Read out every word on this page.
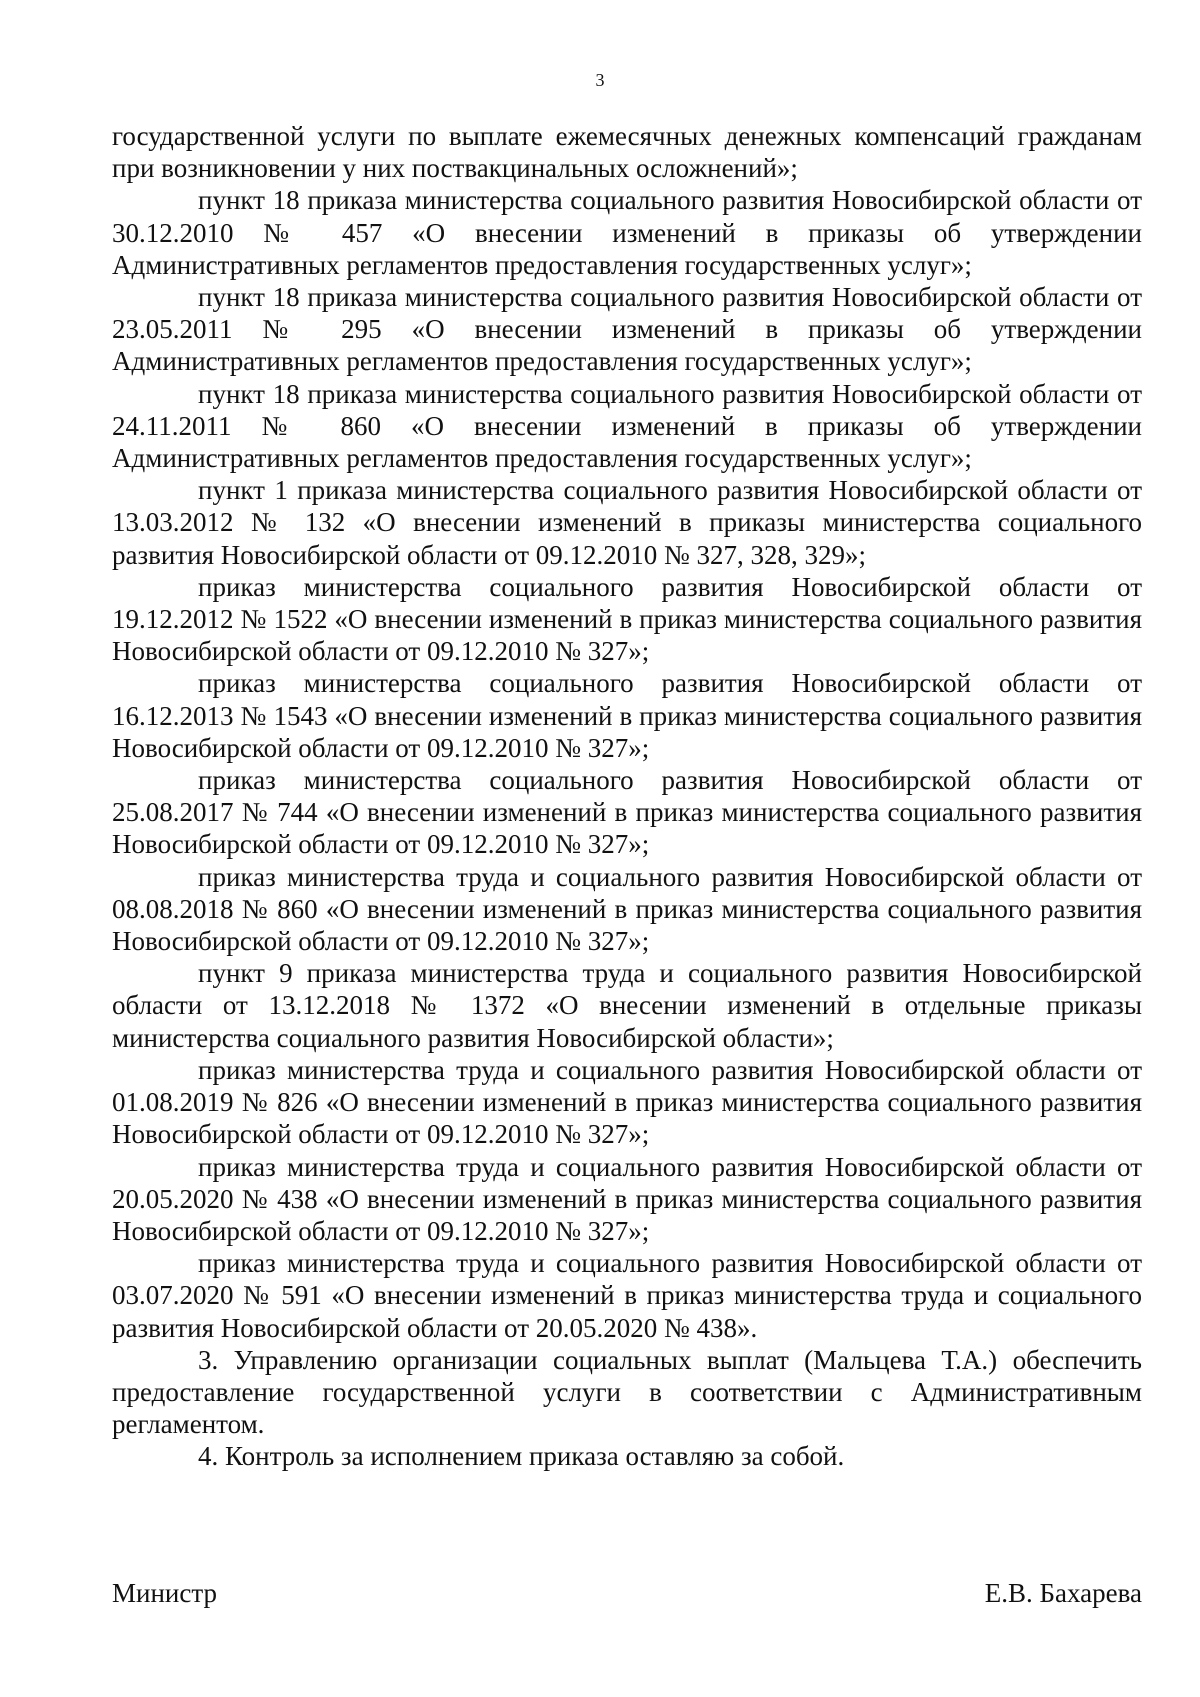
3

государственной услуги по выплате ежемесячных денежных компенсаций гражданам при возникновении у них поствакцинальных осложнений»;

пункт 18 приказа министерства социального развития Новосибирской области от 30.12.2010 № 457 «О внесении изменений в приказы об утверждении Административных регламентов предоставления государственных услуг»;

пункт 18 приказа министерства социального развития Новосибирской области от 23.05.2011 № 295 «О внесении изменений в приказы об утверждении Административных регламентов предоставления государственных услуг»;

пункт 18 приказа министерства социального развития Новосибирской области от 24.11.2011 № 860 «О внесении изменений в приказы об утверждении Административных регламентов предоставления государственных услуг»;

пункт 1 приказа министерства социального развития Новосибирской области от 13.03.2012 № 132 «О внесении изменений в приказы министерства социального развития Новосибирской области от 09.12.2010 № 327, 328, 329»;

приказ министерства социального развития Новосибирской области от 19.12.2012 № 1522 «О внесении изменений в приказ министерства социального развития Новосибирской области от 09.12.2010 № 327»;

приказ министерства социального развития Новосибирской области от 16.12.2013 № 1543 «О внесении изменений в приказ министерства социального развития Новосибирской области от 09.12.2010 № 327»;

приказ министерства социального развития Новосибирской области от 25.08.2017 № 744 «О внесении изменений в приказ министерства социального развития Новосибирской области от 09.12.2010 № 327»;

приказ министерства труда и социального развития Новосибирской области от 08.08.2018 № 860 «О внесении изменений в приказ министерства социального развития Новосибирской области от 09.12.2010 № 327»;

пункт 9 приказа министерства труда и социального развития Новосибирской области от 13.12.2018 № 1372 «О внесении изменений в отдельные приказы министерства социального развития Новосибирской области»;

приказ министерства труда и социального развития Новосибирской области от 01.08.2019 № 826 «О внесении изменений в приказ министерства социального развития Новосибирской области от 09.12.2010 № 327»;

приказ министерства труда и социального развития Новосибирской области от 20.05.2020 № 438 «О внесении изменений в приказ министерства социального развития Новосибирской области от 09.12.2010 № 327»;

приказ министерства труда и социального развития Новосибирской области от 03.07.2020 № 591 «О внесении изменений в приказ министерства труда и социального развития Новосибирской области от 20.05.2020 № 438».

3. Управлению организации социальных выплат (Мальцева Т.А.) обеспечить предоставление государственной услуги в соответствии с Административным регламентом.

4. Контроль за исполнением приказа оставляю за собой.

Министр	Е.В. Бахарева
